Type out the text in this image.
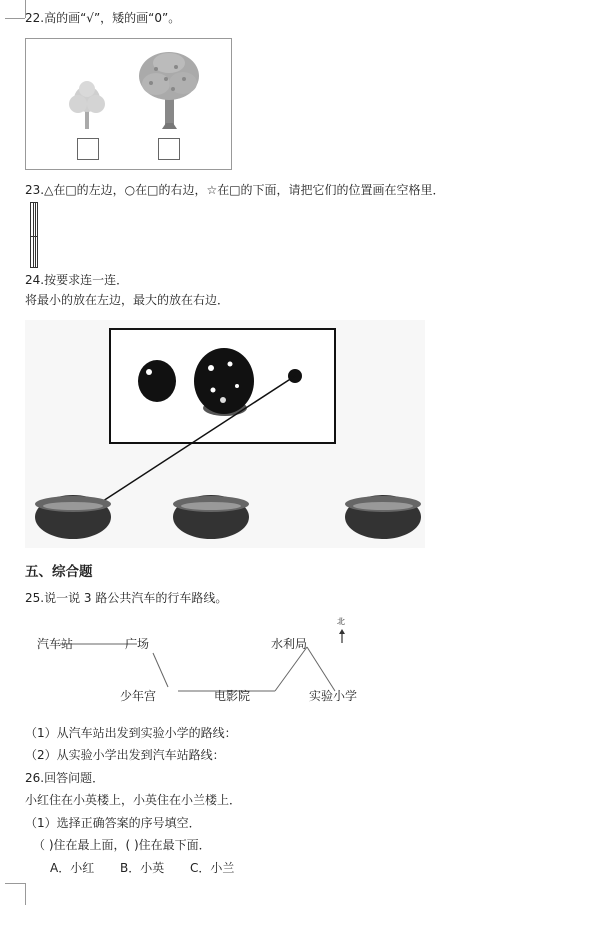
22.高的画“√”，矮的画“0”。
23.△在□的左边，○在□的右边，☆在□的下面，请把它们的位置画在空格里．
24.按要求连一连．
将最小的放在左边，最大的放在右边．
五、综合题
25.说一说 3 路公共汽车的行车路线。
北
汽车站	广场	水利局
少年宫	电影院	实验小学
（1）从汽车站出发到实验小学的路线：
（2）从实验小学出发到汽车站路线：
26.回答问题．
小红住在小英楼上，小英住在小兰楼上．
（1）选择正确答案的序号填空．
（ )住在最上面，( )住在最下面．
A．小红 B．小英 C．小兰
